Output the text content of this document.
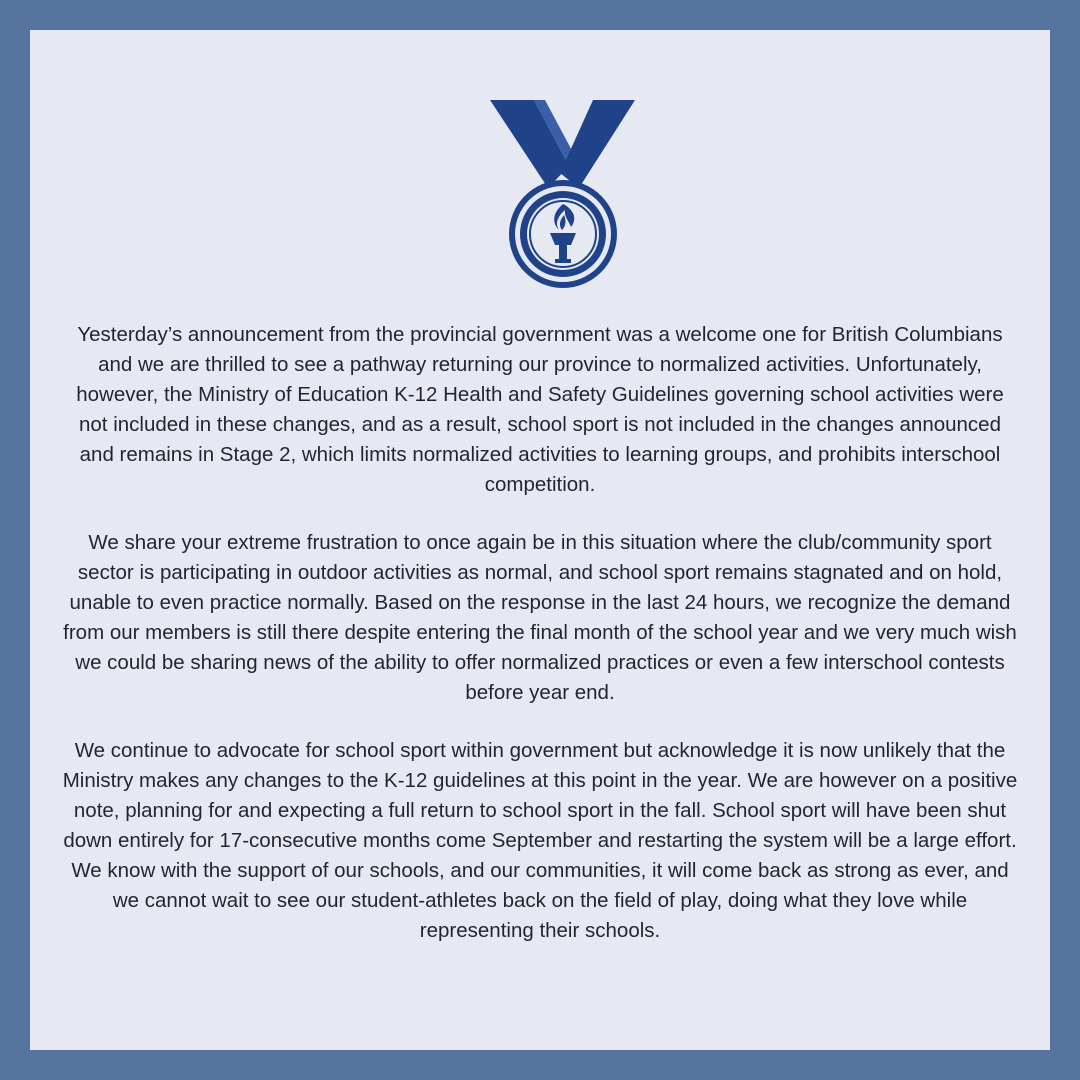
Yesterday’s announcement from the provincial government was a welcome one for British Columbians and we are thrilled to see a pathway returning our province to normalized activities. Unfortunately, however, the Ministry of Education K-12 Health and Safety Guidelines governing school activities were not included in these changes, and as a result, school sport is not included in the changes announced and remains in Stage 2, which limits normalized activities to learning groups, and prohibits interschool competition.

We share your extreme frustration to once again be in this situation where the club/community sport sector is participating in outdoor activities as normal, and school sport remains stagnated and on hold, unable to even practice normally. Based on the response in the last 24 hours, we recognize the demand from our members is still there despite entering the final month of the school year and we very much wish we could be sharing news of the ability to offer normalized practices or even a few interschool contests before year end.

We continue to advocate for school sport within government but acknowledge it is now unlikely that the Ministry makes any changes to the K-12 guidelines at this point in the year. We are however on a positive note, planning for and expecting a full return to school sport in the fall. School sport will have been shut down entirely for 17-consecutive months come September and restarting the system will be a large effort. We know with the support of our schools, and our communities, it will come back as strong as ever, and we cannot wait to see our student-athletes back on the field of play, doing what they love while representing their schools.
